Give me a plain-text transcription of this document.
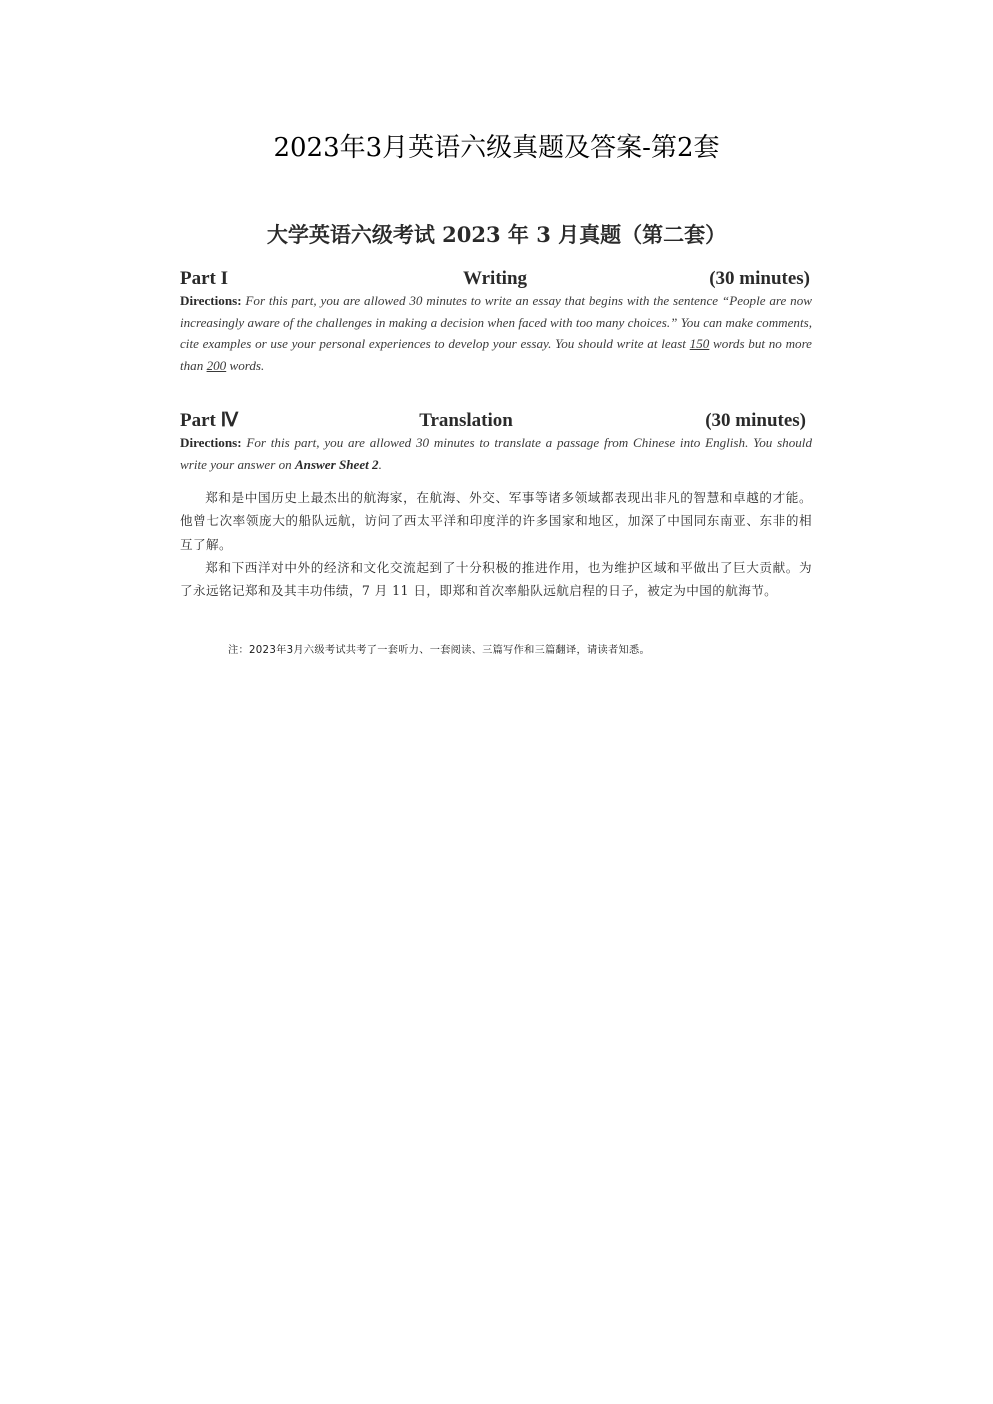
2023年3月英语六级真题及答案-第2套
大学英语六级考试 2023 年 3 月真题（第二套）
Part I	Writing	(30 minutes)
Directions: For this part, you are allowed 30 minutes to write an essay that begins with the sentence “People are now increasingly aware of the challenges in making a decision when faced with too many choices.” You can make comments, cite examples or use your personal experiences to develop your essay. You should write at least 150 words but no more than 200 words.
Part Ⅳ	Translation	(30 minutes)
Directions: For this part, you are allowed 30 minutes to translate a passage from Chinese into English. You should write your answer on Answer Sheet 2.
郑和是中国历史上最杰出的航海家，在航海、外交、军事等诸多领域都表现出非凡的智慧和卓越的才能。他曾七次率领庞大的船队远航，访问了西太平洋和印度洋的许多国家和地区，加深了中国同东南亚、东非的相互了解。
郑和下西洋对中外的经济和文化交流起到了十分积极的推进作用，也为维护区域和平做出了巨大贡献。为了永远铭记郑和及其丰功伟绩，7 月 11 日，即郑和首次率船队远航启程的日子，被定为中国的航海节。
注：2023年3月六级考试共考了一套听力、一套阅读、三篇写作和三篇翻译，请读者知悉。
